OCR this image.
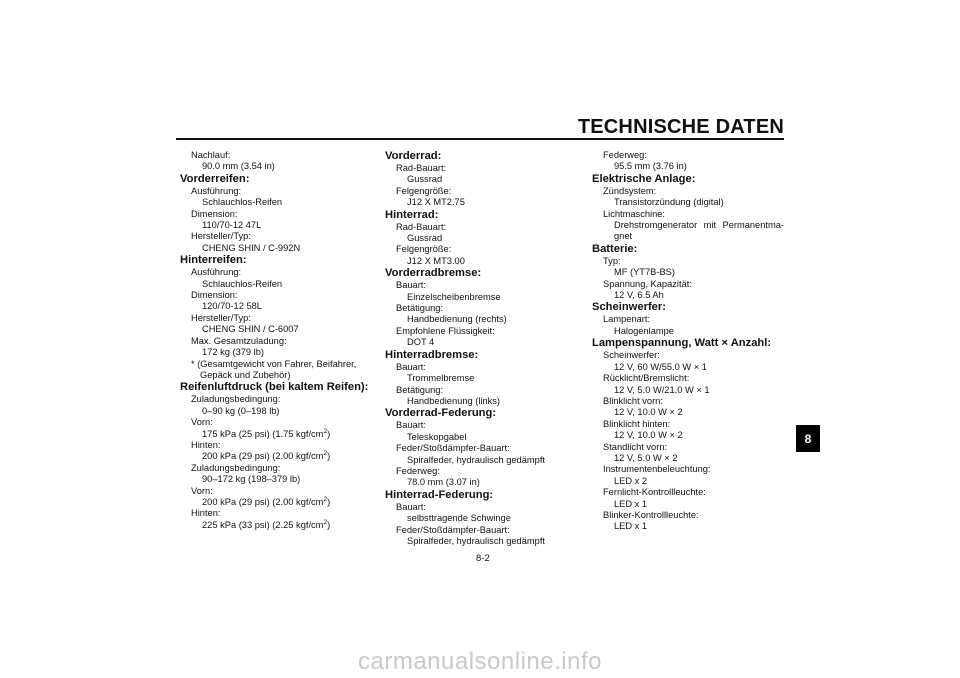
TECHNISCHE DATEN
Nachlauf:
90.0 mm (3.54 in)
Vorderreifen:
Ausführung:
Schlauchlos-Reifen
Dimension:
110/70-12 47L
Hersteller/Typ:
CHENG SHIN / C-992N
Hinterreifen:
Ausführung:
Schlauchlos-Reifen
Dimension:
120/70-12 58L
Hersteller/Typ:
CHENG SHIN / C-6007
Max. Gesamtzuladung:
172 kg (379 lb)
* (Gesamtgewicht von Fahrer, Beifahrer,
Gepäck und Zubehör)
Reifenluftdruck (bei kaltem Reifen):
Zuladungsbedingung:
0–90 kg (0–198 lb)
Vorn:
175 kPa (25 psi) (1.75 kgf/$cm^2$)
Hinten:
200 kPa (29 psi) (2.00 kgf/$cm^2$)
Zuladungsbedingung:
90–172 kg (198–379 lb)
Vorn:
200 kPa (29 psi) (2.00 kgf/$cm^2$)
Hinten:
225 kPa (33 psi) (2.25 kgf/$cm^2$)
Vorderrad:
Rad-Bauart:
Gussrad
Felgengröße:
J12 X MT2.75
Hinterrad:
Rad-Bauart:
Gussrad
Felgengröße:
J12 X MT3.00
Vorderradbremse:
Bauart:
Einzelscheibenbremse
Betätigung:
Handbedienung (rechts)
Empfohlene Flüssigkeit:
DOT 4
Hinterradbremse:
Bauart:
Trommelbremse
Betätigung:
Handbedienung (links)
Vorderrad-Federung:
Bauart:
Teleskopgabel
Feder/Stoßdämpfer-Bauart:
Spiralfeder, hydraulisch gedämpft
Federweg:
78.0 mm (3.07 in)
Hinterrad-Federung:
Bauart:
selbsttragende Schwinge
Feder/Stoßdämpfer-Bauart:
Spiralfeder, hydraulisch gedämpft
Federweg:
95.5 mm (3.76 in)
Elektrische Anlage:
Zündsystem:
Transistorzündung (digital)
Lichtmaschine:
Drehstromgenerator mit Permanentma-
gnet
Batterie:
Typ:
MF (YT7B-BS)
Spannung, Kapazität:
12 V, 6.5 Ah
Scheinwerfer:
Lampenart:
Halogenlampe
Lampenspannung, Watt × Anzahl:
Scheinwerfer:
12 V, 60 W/55.0 W × 1
Rücklicht/Bremslicht:
12 V, 5.0 W/21.0 W × 1
Blinklicht vorn:
12 V, 10.0 W × 2
Blinklicht hinten:
12 V, 10.0 W × 2
Standlicht vorn:
12 V, 5.0 W × 2
Instrumentenbeleuchtung:
LED x 2
Fernlicht-Kontrollleuchte:
LED x 1
Blinker-Kontrollleuchte:
LED x 1
8-2
8
carmanualsonline.info
